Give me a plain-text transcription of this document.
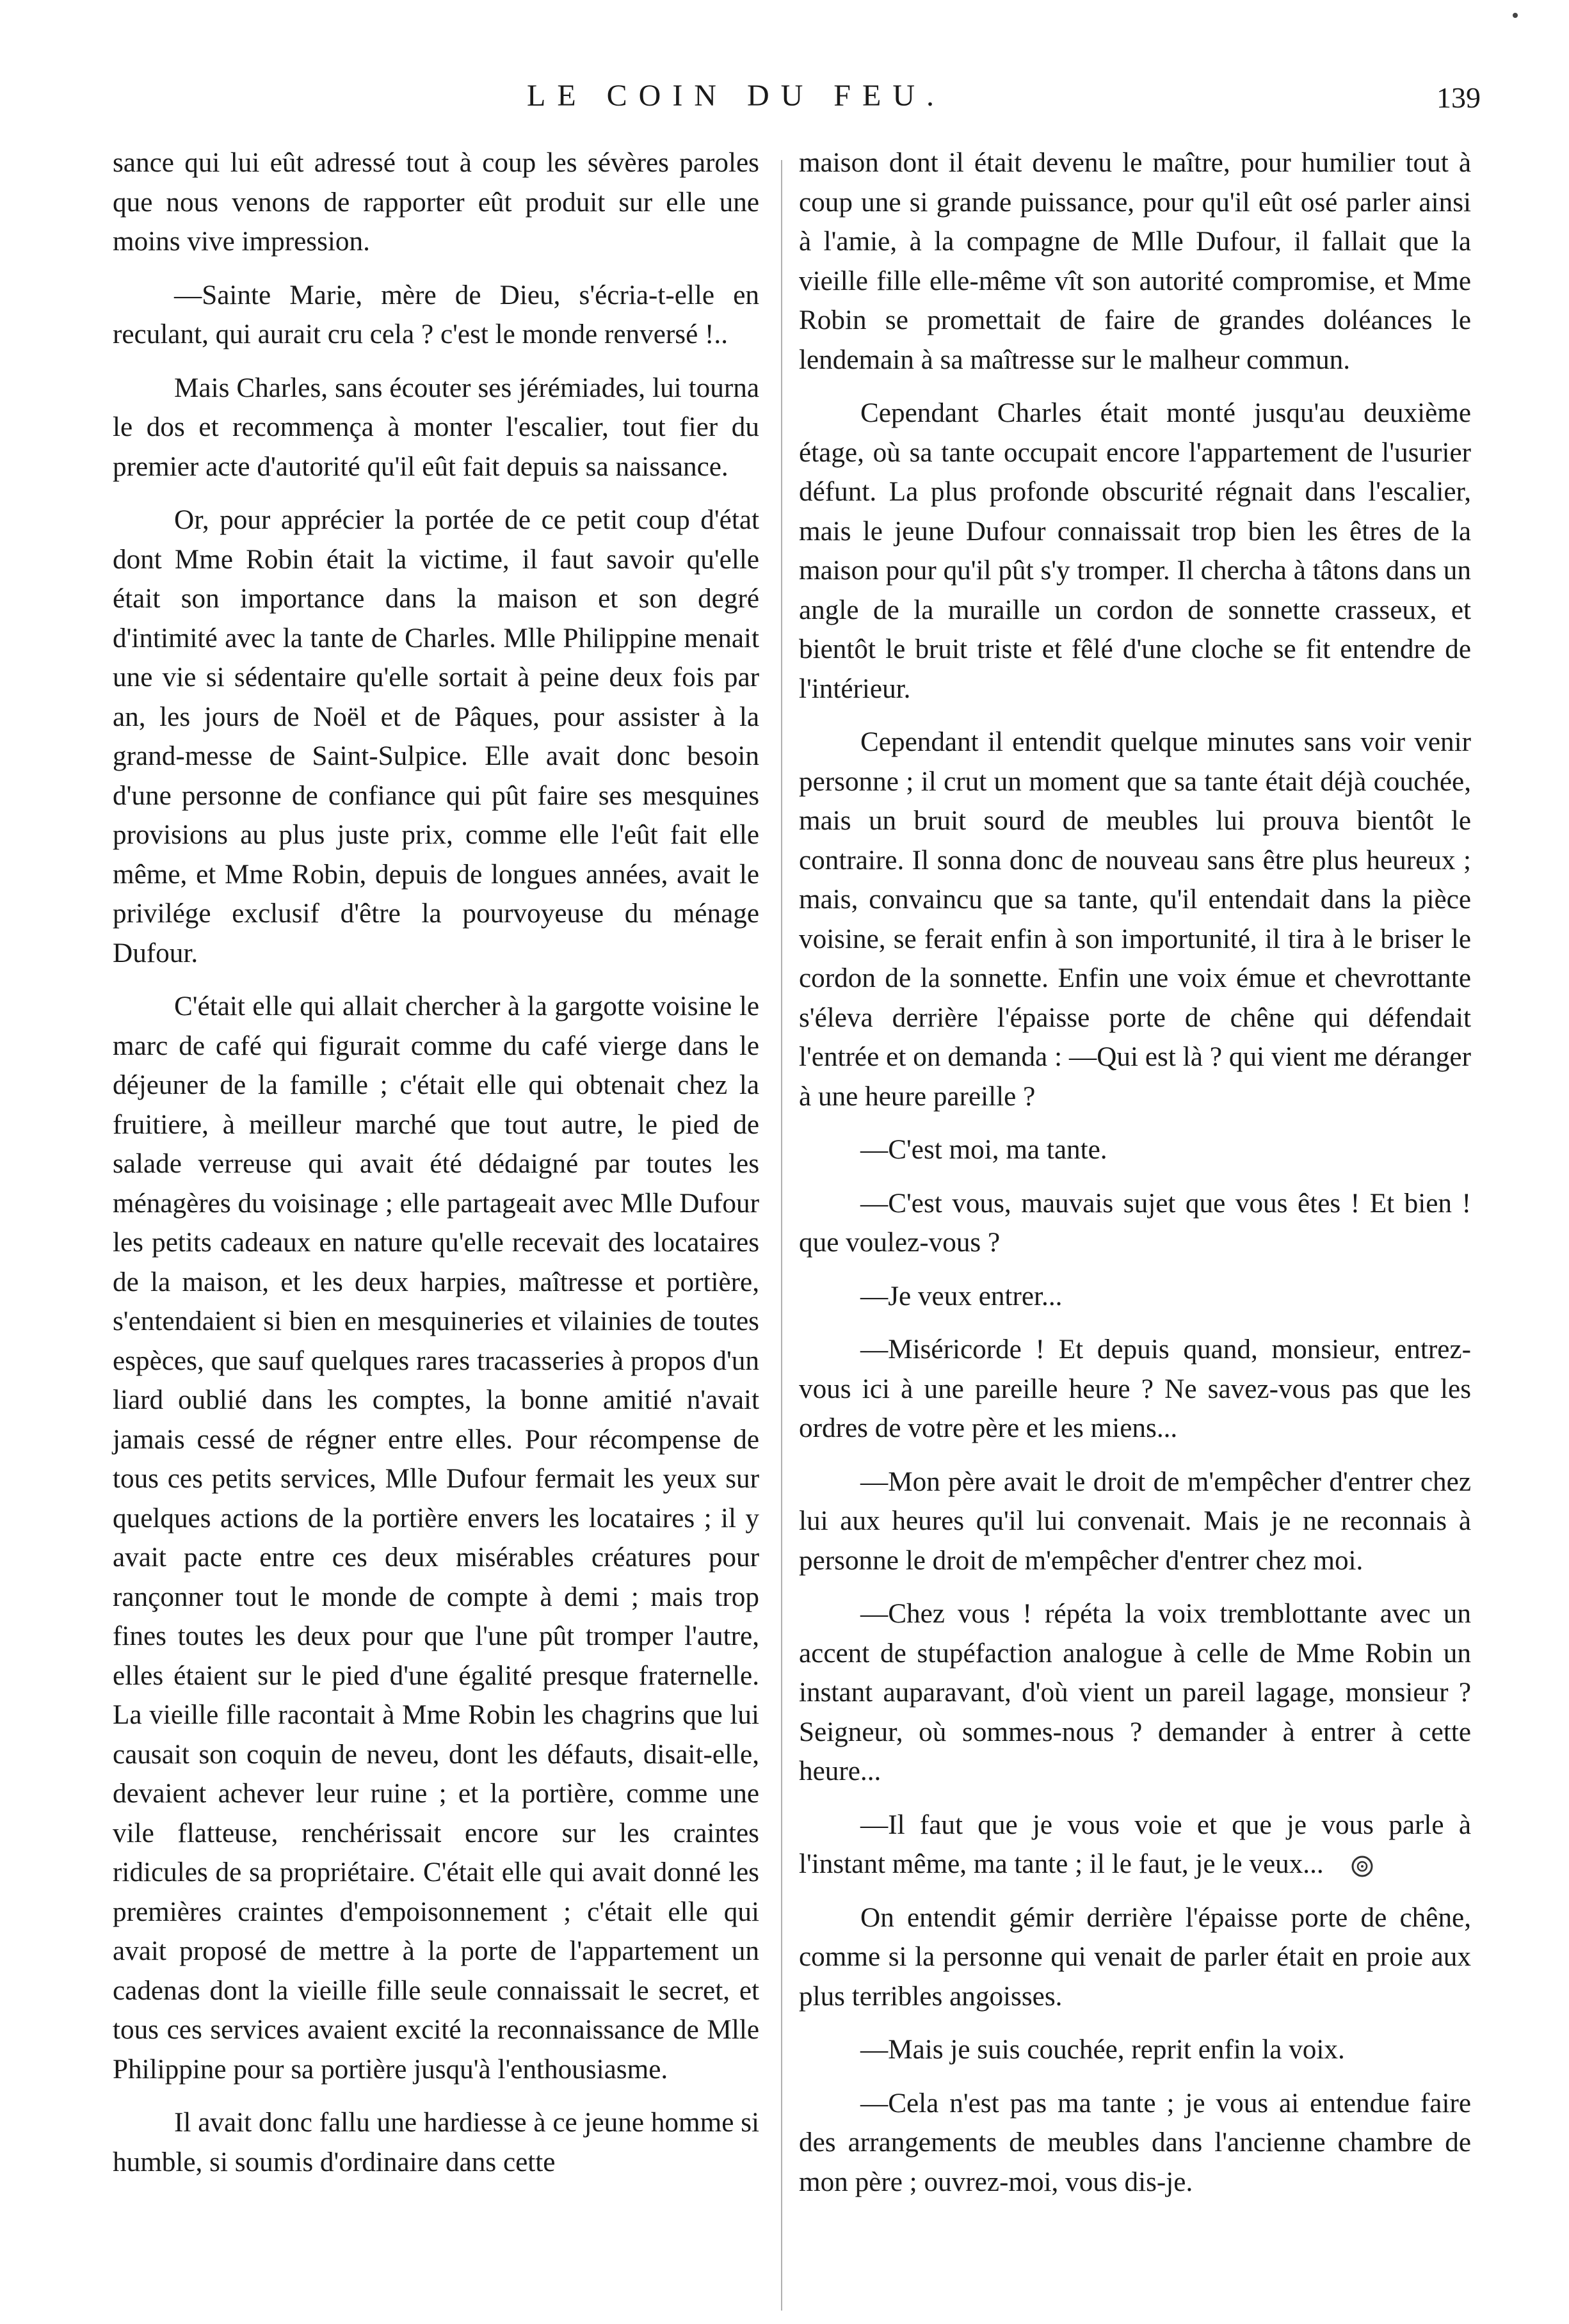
LE COIN DU FEU.	139

sance qui lui eût adressé tout à coup les sévères paroles que nous venons de rapporter eût produit sur elle une moins vive impression.

—Sainte Marie, mère de Dieu, s'écria-t-elle en reculant, qui aurait cru cela ? c'est le monde renversé !..

Mais Charles, sans écouter ses jérémiades, lui tourna le dos et recommença à monter l'escalier, tout fier du premier acte d'autorité qu'il eût fait depuis sa naissance.

Or, pour apprécier la portée de ce petit coup d'état dont Mme Robin était la victime, il faut savoir qu'elle était son importance dans la maison et son degré d'intimité avec la tante de Charles. Mlle Philippine menait une vie si sédentaire qu'elle sortait à peine deux fois par an, les jours de Noël et de Pâques, pour assister à la grand-messe de Saint-Sulpice. Elle avait donc besoin d'une personne de confiance qui pût faire ses mesquines provisions au plus juste prix, comme elle l'eût fait elle même, et Mme Robin, depuis de longues années, avait le privilége exclusif d'être la pourvoyeuse du ménage Dufour.

C'était elle qui allait chercher à la gargotte voisine le marc de café qui figurait comme du café vierge dans le déjeuner de la famille ; c'était elle qui obtenait chez la fruitiere, à meilleur marché que tout autre, le pied de salade verreuse qui avait été dédaigné par toutes les ménagères du voisinage ; elle partageait avec Mlle Dufour les petits cadeaux en nature qu'elle recevait des locataires de la maison, et les deux harpies, maîtresse et portière, s'entendaient si bien en mesquineries et vilainies de toutes espèces, que sauf quelques rares tracasseries à propos d'un liard oublié dans les comptes, la bonne amitié n'avait jamais cessé de régner entre elles. Pour récompense de tous ces petits services, Mlle Dufour fermait les yeux sur quelques actions de la portière envers les locataires ; il y avait pacte entre ces deux misérables créatures pour rançonner tout le monde de compte à demi ; mais trop fines toutes les deux pour que l'une pût tromper l'autre, elles étaient sur le pied d'une égalité presque fraternelle. La vieille fille racontait à Mme Robin les chagrins que lui causait son coquin de neveu, dont les défauts, disait-elle, devaient achever leur ruine ; et la portière, comme une vile flatteuse, renchérissait encore sur les craintes ridicules de sa propriétaire. C'était elle qui avait donné les premières craintes d'empoisonnement ; c'était elle qui avait proposé de mettre à la porte de l'appartement un cadenas dont la vieille fille seule connaissait le secret, et tous ces services avaient excité la reconnaissance de Mlle Philippine pour sa portière jusqu'à l'enthousiasme.

Il avait donc fallu une hardiesse à ce jeune homme si humble, si soumis d'ordinaire dans cette

maison dont il était devenu le maître, pour humilier tout à coup une si grande puissance, pour qu'il eût osé parler ainsi à l'amie, à la compagne de Mlle Dufour, il fallait que la vieille fille elle-même vît son autorité compromise, et Mme Robin se promettait de faire de grandes doléances le lendemain à sa maîtresse sur le malheur commun.

Cependant Charles était monté jusqu'au deuxième étage, où sa tante occupait encore l'appartement de l'usurier défunt. La plus profonde obscurité régnait dans l'escalier, mais le jeune Dufour connaissait trop bien les êtres de la maison pour qu'il pût s'y tromper. Il chercha à tâtons dans un angle de la muraille un cordon de sonnette crasseux, et bientôt le bruit triste et fêlé d'une cloche se fit entendre de l'intérieur.

Cependant il entendit quelque minutes sans voir venir personne ; il crut un moment que sa tante était déjà couchée, mais un bruit sourd de meubles lui prouva bientôt le contraire. Il sonna donc de nouveau sans être plus heureux ; mais, convaincu que sa tante, qu'il entendait dans la pièce voisine, se ferait enfin à son importunité, il tira à le briser le cordon de la sonnette. Enfin une voix émue et chevrottante s'éleva derrière l'épaisse porte de chêne qui défendait l'entrée et on demanda : —Qui est là ? qui vient me déranger à une heure pareille ?

—C'est moi, ma tante.

—C'est vous, mauvais sujet que vous êtes ! Et bien ! que voulez-vous ?

—Je veux entrer...

—Miséricorde ! Et depuis quand, monsieur, entrez-vous ici à une pareille heure ? Ne savez-vous pas que les ordres de votre père et les miens...

—Mon père avait le droit de m'empêcher d'entrer chez lui aux heures qu'il lui convenait. Mais je ne reconnais à personne le droit de m'empêcher d'entrer chez moi.

—Chez vous ! répéta la voix tremblottante avec un accent de stupéfaction analogue à celle de Mme Robin un instant auparavant, d'où vient un pareil lagage, monsieur ? Seigneur, où sommes-nous ? demander à entrer à cette heure...

—Il faut que je vous voie et que je vous parle à l'instant même, ma tante ; il le faut, je le veux...

On entendit gémir derrière l'épaisse porte de chêne, comme si la personne qui venait de parler était en proie aux plus terribles angoisses.

—Mais je suis couchée, reprit enfin la voix.

—Cela n'est pas ma tante ; je vous ai entendue faire des arrangements de meubles dans l'ancienne chambre de mon père ; ouvrez-moi, vous dis-je.
